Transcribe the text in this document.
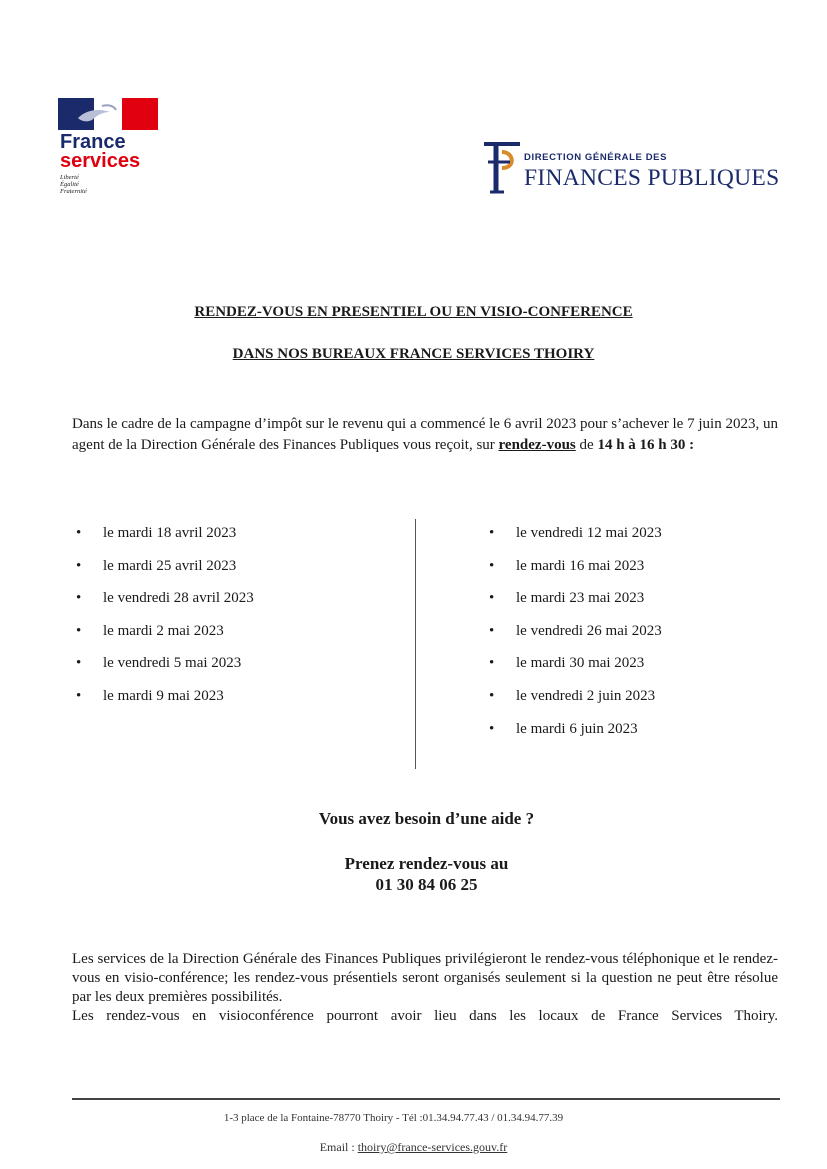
France
services
Liberté
Égalité
Fraternité
DIRECTION GÉNÉRALE DES
FINANCES PUBLIQUES
RENDEZ-VOUS EN PRESENTIEL OU EN VISIO-CONFERENCE
DANS NOS BUREAUX FRANCE SERVICES THOIRY
Dans le cadre de la campagne d’impôt sur le revenu qui a commencé le 6 avril 2023 pour s’achever le 7 juin 2023, un agent de la Direction Générale des Finances Publiques vous reçoit, sur rendez-vous de 14 h à 16 h 30 :
• le mardi 18 avril 2023
• le mardi 25 avril 2023
• le vendredi 28 avril 2023
• le mardi 2 mai 2023
• le vendredi 5 mai 2023
• le mardi 9 mai 2023
• le vendredi 12 mai 2023
• le mardi 16 mai 2023
• le mardi 23 mai 2023
• le vendredi 26 mai 2023
• le mardi 30 mai 2023
• le vendredi 2 juin 2023
• le mardi 6 juin 2023
Vous avez besoin d’une aide ?
Prenez rendez-vous au
01 30 84 06 25

Les services de la Direction Générale des Finances Publiques privilégieront le rendez-vous téléphonique et le rendez-vous en visio-conférence; les rendez-vous présentiels seront organisés seulement si la question ne peut être résolue par les deux premières possibilités.

Les rendez-vous en visioconférence pourront avoir lieu dans les locaux de France Services Thoiry.

1-3 place de la Fontaine-78770 Thoiry - Tél :01.34.94.77.43 / 01.34.94.77.39
Email : thoiry@france-services.gouv.fr
